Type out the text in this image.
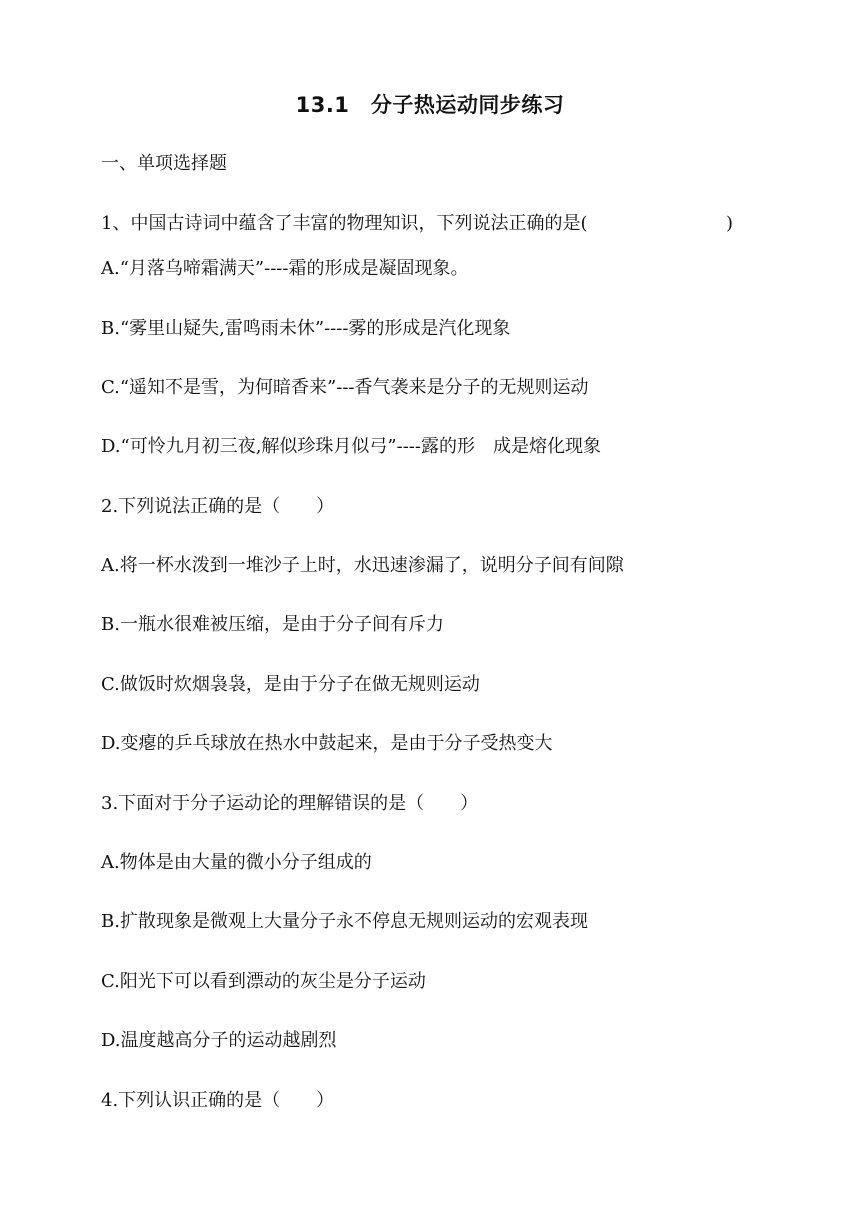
13.1　分子热运动同步练习
一、单项选择题
1、中国古诗词中蕴含了丰富的物理知识，下列说法正确的是(	)
A.“月落乌啼霜满天”----霜的形成是凝固现象。
B.“雾里山疑失,雷鸣雨未休”----雾的形成是汽化现象
C.“遥知不是雪，为何暗香来”---香气袭来是分子的无规则运动
D.“可怜九月初三夜,解似珍珠月似弓”----露的形　成是熔化现象
2.下列说法正确的是（　　）
A.将一杯水泼到一堆沙子上时，水迅速渗漏了，说明分子间有间隙
B.一瓶水很难被压缩，是由于分子间有斥力
C.做饭时炊烟袅袅，是由于分子在做无规则运动
D.变瘪的乒乓球放在热水中鼓起来，是由于分子受热变大
3.下面对于分子运动论的理解错误的是（　　）
A.物体是由大量的微小分子组成的
B.扩散现象是微观上大量分子永不停息无规则运动的宏观表现
C.阳光下可以看到漂动的灰尘是分子运动
D.温度越高分子的运动越剧烈
4.下列认识正确的是（　　）
